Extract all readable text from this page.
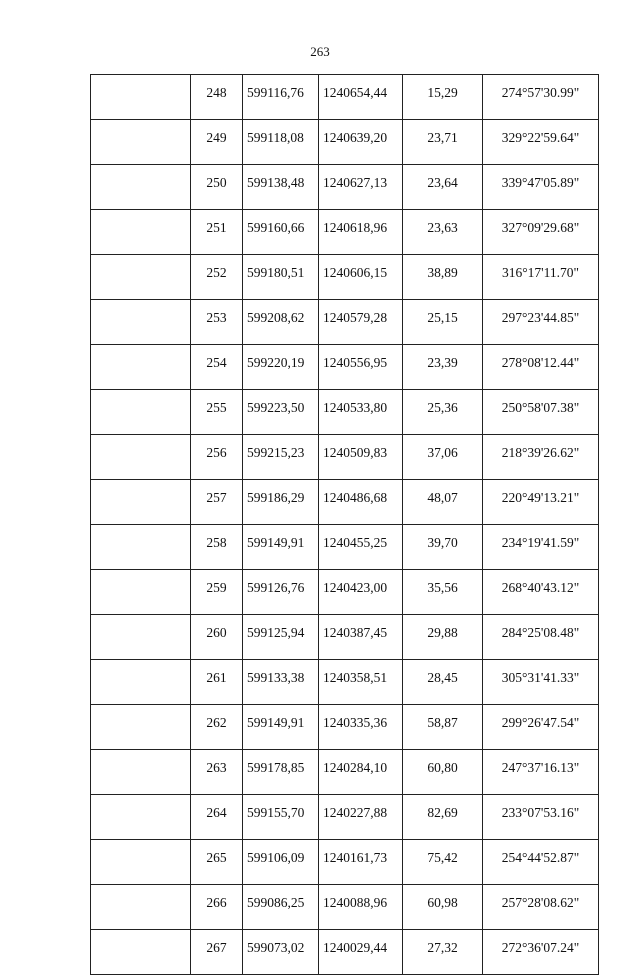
263
	248	599116,76	1240654,44	15,29	274°57'30.99"
	249	599118,08	1240639,20	23,71	329°22'59.64"
	250	599138,48	1240627,13	23,64	339°47'05.89"
	251	599160,66	1240618,96	23,63	327°09'29.68"
	252	599180,51	1240606,15	38,89	316°17'11.70"
	253	599208,62	1240579,28	25,15	297°23'44.85"
	254	599220,19	1240556,95	23,39	278°08'12.44"
	255	599223,50	1240533,80	25,36	250°58'07.38"
	256	599215,23	1240509,83	37,06	218°39'26.62"
	257	599186,29	1240486,68	48,07	220°49'13.21"
	258	599149,91	1240455,25	39,70	234°19'41.59"
	259	599126,76	1240423,00	35,56	268°40'43.12"
	260	599125,94	1240387,45	29,88	284°25'08.48"
	261	599133,38	1240358,51	28,45	305°31'41.33"
	262	599149,91	1240335,36	58,87	299°26'47.54"
	263	599178,85	1240284,10	60,80	247°37'16.13"
	264	599155,70	1240227,88	82,69	233°07'53.16"
	265	599106,09	1240161,73	75,42	254°44'52.87"
	266	599086,25	1240088,96	60,98	257°28'08.62"
	267	599073,02	1240029,44	27,32	272°36'07.24"
